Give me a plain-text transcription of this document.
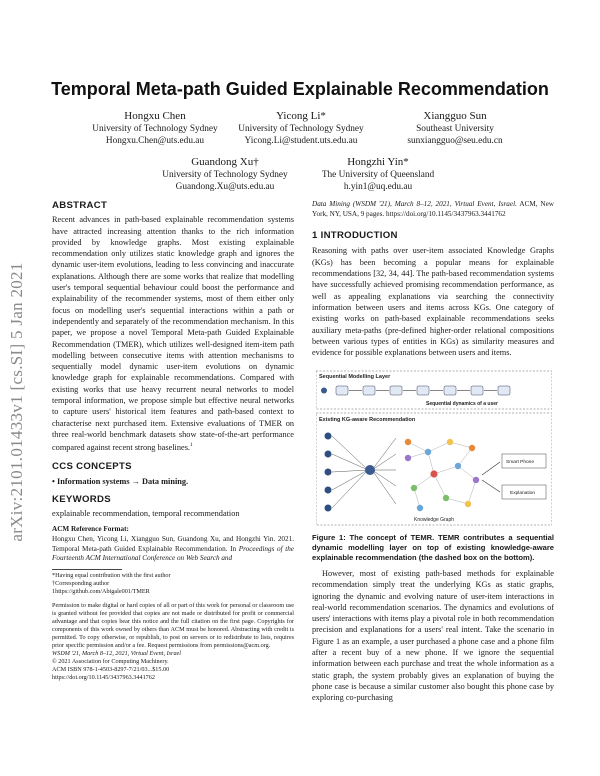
arXiv:2101.01433v1 [cs.SI] 5 Jan 2021
Temporal Meta-path Guided Explainable Recommendation
Hongxu Chen
University of Technology Sydney
Hongxu.Chen@uts.edu.au
Yicong Li*
University of Technology Sydney
Yicong.Li@student.uts.edu.au
Xiangguo Sun
Southeast University
sunxiangguo@seu.edu.cn
Guandong Xu†
University of Technology Sydney
Guandong.Xu@uts.edu.au
Hongzhi Yin*
The University of Queensland
h.yin1@uq.edu.au
ABSTRACT

Recent advances in path-based explainable recommendation systems have attracted increasing attention thanks to the rich information provided by knowledge graphs. Most existing explainable recommendation only utilizes static knowledge graph and ignores the dynamic user-item evolutions, leading to less convincing and inaccurate explanations. Although there are some works that realize that modelling user's temporal sequential behaviour could boost the performance and explainability of the recommender systems, most of them either only focus on modelling user's sequential interactions within a path or independently and separately of the recommendation mechanism. In this paper, we propose a novel Temporal Meta-path Guided Explainable Recommendation (TMER), which utilizes well-designed item-item path modelling between consecutive items with attention mechanisms to sequentially model dynamic user-item evolutions on dynamic knowledge graph for explainable recommendations. Compared with existing works that use heavy recurrent neural networks to model temporal information, we propose simple but effective neural networks to capture users' historical item features and path-based context to characterise next purchased item. Extensive evaluations of TMER on three real-world benchmark datasets show state-of-the-art performance compared against recent strong baselines.$^1$

CCS CONCEPTS

• Information systems → Data mining.

KEYWORDS

explainable recommendation, temporal recommendation

ACM Reference Format:

Hongxu Chen, Yicong Li, Xiangguo Sun, Guandong Xu, and Hongzhi Yin. 2021. Temporal Meta-path Guided Explainable Recommendation. In Proceedings of the Fourteenth ACM International Conference on Web Search and

*Having equal contribution with the first author
†Corresponding author
1https://github.com/Abigale001/TMER
Permission to make digital or hard copies of all or part of this work for personal or classroom use is granted without fee provided that copies are not made or distributed for profit or commercial advantage and that copies bear this notice and the full citation on the first page. Copyrights for components of this work owned by others than ACM must be honored. Abstracting with credit is permitted. To copy otherwise, or republish, to post on servers or to redistribute to lists, requires prior specific permission and/or a fee. Request permissions from permissions@acm.org.
WSDM '21, March 8–12, 2021, Virtual Event, Israel
© 2021 Association for Computing Machinery.
ACM ISBN 978-1-4503-8297-7/21/03...$15.00
https://doi.org/10.1145/3437963.3441762

Data Mining (WSDM '21), March 8–12, 2021, Virtual Event, Israel. ACM, New York, NY, USA, 9 pages. https://doi.org/10.1145/3437963.3441762

1 INTRODUCTION

Reasoning with paths over user-item associated Knowledge Graphs (KGs) has been becoming a popular means for explainable recommendations [32, 34, 44]. The path-based recommendation systems have successfully achieved promising recommendation performance, as well as appealing explanations via searching the connectivity information between users and items across KGs. One category of existing works on path-based explainable recommendations seeks auxiliary meta-paths (pre-defined higher-order relational compositions between various types of entities in KGs) as similarity measures and evidence for possible explanations between users and items.

Sequential Modelling Layer
Sequential dynamics of a user
Existing KG-aware Recommendation
Knowledge Graph
Smart Phone
Explanation
Figure 1: The concept of TEMR. TEMR contributes a sequential dynamic modelling layer on top of existing knowledge-aware explainable recommendation (the dashed box on the bottom).
However, most of existing path-based methods for explainable recommendation simply treat the underlying KGs as static graphs, ignoring the dynamic and evolving nature of user-item interactions in real-world recommendation scenarios. The dynamics and evolutions of users' interactions with items play a pivotal role in both recommendation precision and explanations for a users' real intent. Take the scenario in Figure 1 as an example, a user purchased a phone case and a phone film after a recent buy of a new phone. If we ignore the sequential information between each purchase and treat the whole information as a static graph, the system probably gives an explanation of buying the phone case is because a similar customer also bought this phone case by exploring co-purchasing
